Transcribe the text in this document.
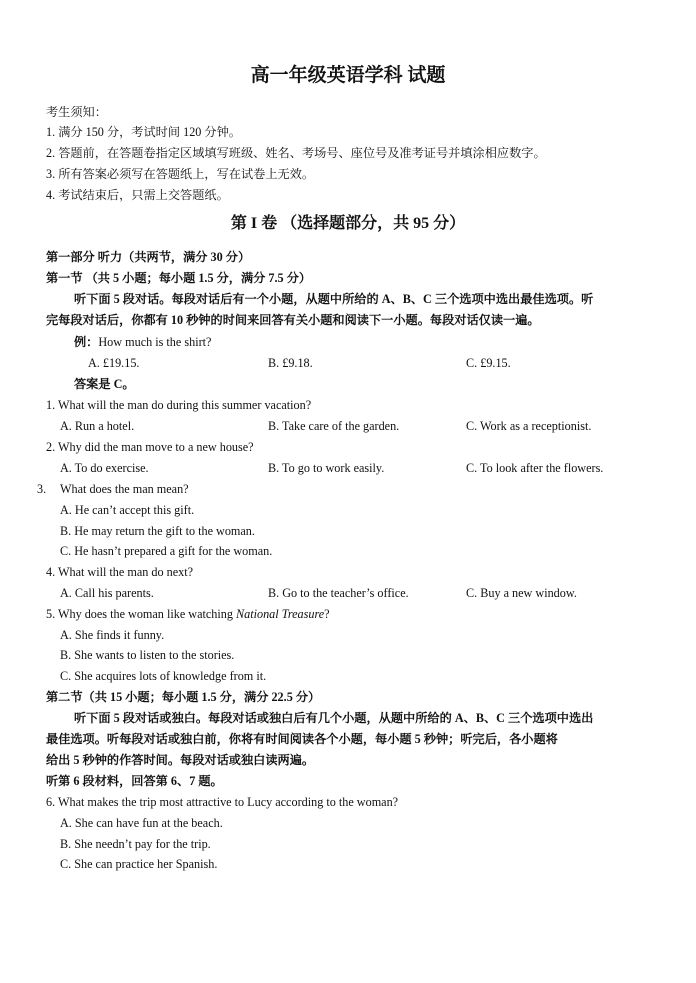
高一年级英语学科 试题
考生须知：
1. 满分 150 分，考试时间 120 分钟。
2. 答题前，在答题卷指定区域填写班级、姓名、考场号、座位号及准考证号并填涂相应数字。
3. 所有答案必须写在答题纸上，写在试卷上无效。
4. 考试结束后，只需上交答题纸。
第 I 卷 （选择题部分，共 95 分）
第一部分 听力（共两节，满分 30 分）
第一节 （共 5 小题；每小题 1.5 分，满分 7.5 分）
听下面 5 段对话。每段对话后有一个小题，从题中所给的 A、B、C 三个选项中选出最佳选项。听
完每段对话后，你都有 10 秒钟的时间来回答有关小题和阅读下一小题。每段对话仅读一遍。
例：How much is the shirt?
A. £19.15.	B. £9.18.	C. £9.15.
答案是 C。
1. What will the man do during this summer vacation?
A. Run a hotel.	B. Take care of the garden.	C. Work as a receptionist.
2. Why did the man move to a new house?
A. To do exercise.	B. To go to work easily.	C. To look after the flowers.
3. What does the man mean?
A. He can’t accept this gift.
B. He may return the gift to the woman.
C. He hasn’t prepared a gift for the woman.
4. What will the man do next?
A. Call his parents.	B. Go to the teacher’s office.	C. Buy a new window.
5. Why does the woman like watching National Treasure?
A. She finds it funny.
B. She wants to listen to the stories.
C. She acquires lots of knowledge from it.
第二节（共 15 小题；每小题 1.5 分，满分 22.5 分）
听下面 5 段对话或独白。每段对话或独白后有几个小题，从题中所给的 A、B、C 三个选项中选出
最佳选项。听每段对话或独白前，你将有时间阅读各个小题，每小题 5 秒钟；听完后，各小题将
给出 5 秒钟的作答时间。每段对话或独白读两遍。
听第 6 段材料，回答第 6、7 题。
6. What makes the trip most attractive to Lucy according to the woman?
A. She can have fun at the beach.
B. She needn’t pay for the trip.
C. She can practice her Spanish.
